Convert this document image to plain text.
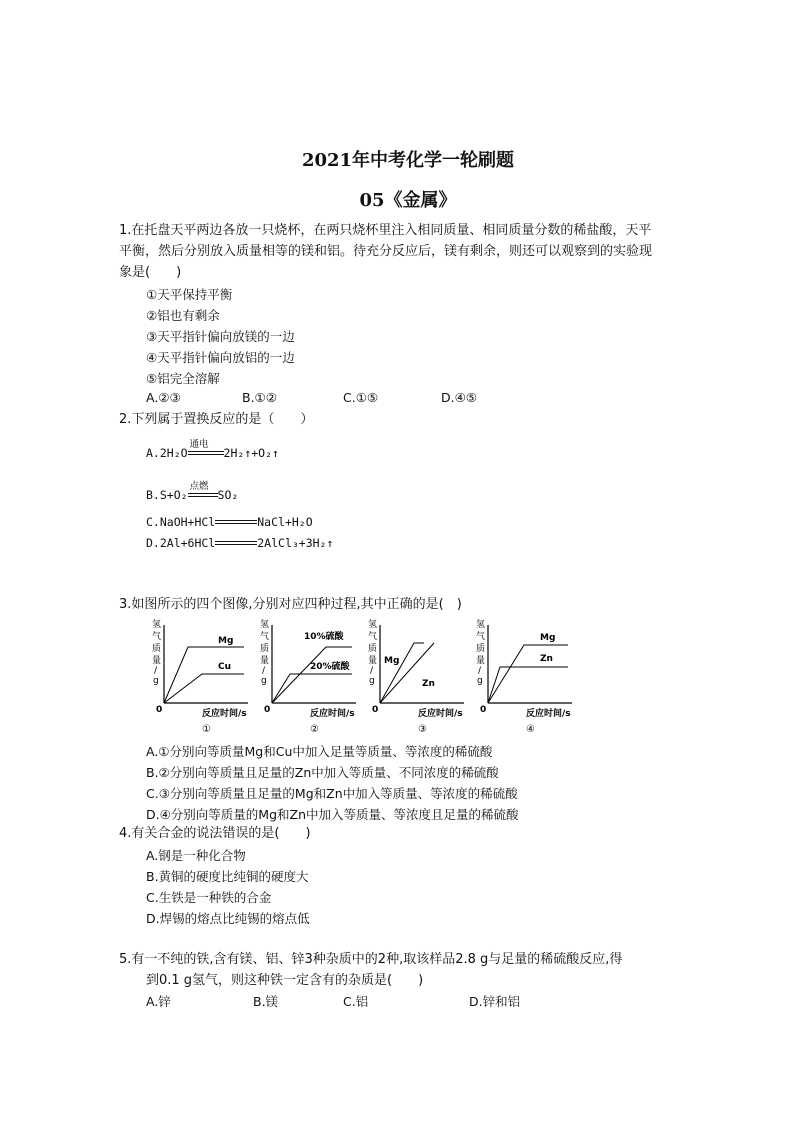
2021年中考化学一轮刷题
05《金属》
1.在托盘天平两边各放一只烧杯，在两只烧杯里注入相同质量、相同质量分数的稀盐酸，天平
平衡，然后分别放入质量相等的镁和铝。待充分反应后，镁有剩余，则还可以观察到的实验现
象是(　　)
①天平保持平衡
②铝也有剩余
③天平指针偏向放镁的一边
④天平指针偏向放铝的一边
⑤铝完全溶解
A.②③	B.①②	C.①⑤	D.④⑤
2.下列属于置换反应的是（　　）
A.2H₂O
通电
2H₂↑+O₂↑
B.S+O₂
点燃
SO₂
C.NaOH+HCl	NaCl+H₂O
D.2Al+6HCl	2AlCl₃+3H₂↑
3.如图所示的四个图像,分别对应四种过程,其中正确的是(　)
氢
气
质
量
/
g
0	反应时间/s
①
Mg
Cu
氢
气
质
量
/
g
0	反应时间/s
②
10%硫酸
20%硫酸
氢
气
质
量
/
g
0	反应时间/s
③
Mg
Zn
氢
气
质
量
/
g
0	反应时间/s
④
Mg
Zn
A.①分别向等质量Mg和Cu中加入足量等质量、等浓度的稀硫酸
B.②分别向等质量且足量的Zn中加入等质量、不同浓度的稀硫酸
C.③分别向等质量且足量的Mg和Zn中加入等质量、等浓度的稀硫酸
D.④分别向等质量的Mg和Zn中加入等质量、等浓度且足量的稀硫酸
4.有关合金的说法错误的是(　　)
A.钢是一种化合物
B.黄铜的硬度比纯铜的硬度大
C.生铁是一种铁的合金
D.焊锡的熔点比纯锡的熔点低
5.有一不纯的铁,含有镁、铝、锌3种杂质中的2种,取该样品2.8 g与足量的稀硫酸反应,得
到0.1 g氢气，则这种铁一定含有的杂质是(　　)
A.锌	B.镁	C.铝	D.锌和铝
